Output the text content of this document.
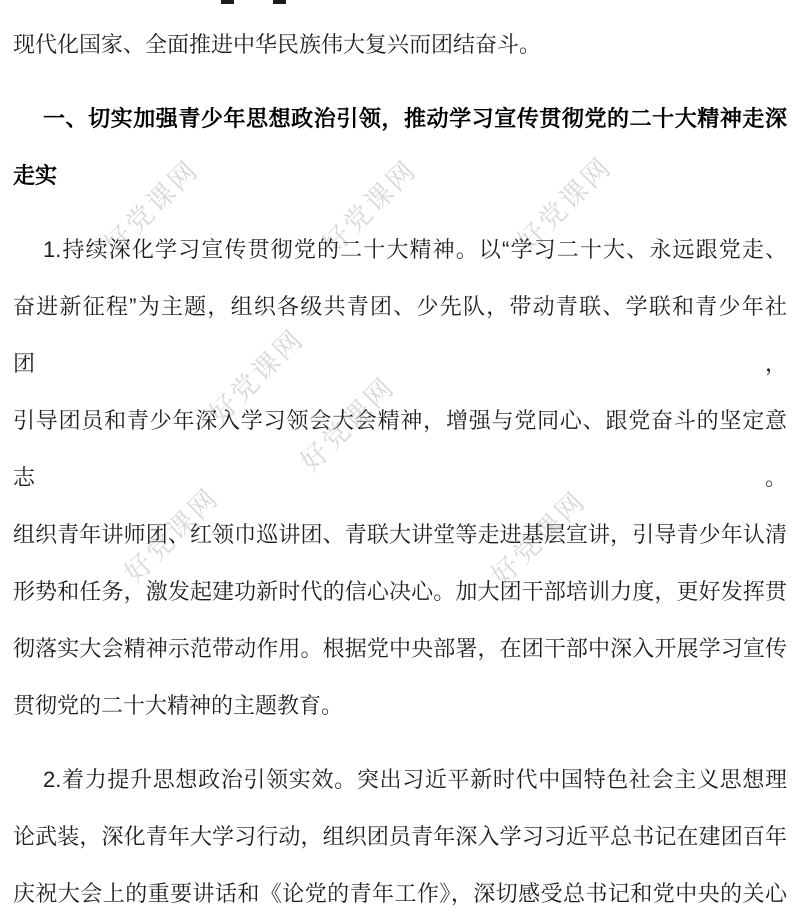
好党课网	好党课网	好党课网
好党课网
好党课网
好党课网	好党课网
现代化国家、全面推进中华民族伟大复兴而团结奋斗。
一、切实加强青少年思想政治引领，推动学习宣传贯彻党的二十大精神走深
走实
1.持续深化学习宣传贯彻党的二十大精神。以“学习二十大、永远跟党走、
奋进新征程”为主题，组织各级共青团、少先队，带动青联、学联和青少年社团，
引导团员和青少年深入学习领会大会精神，增强与党同心、跟党奋斗的坚定意志。
组织青年讲师团、红领巾巡讲团、青联大讲堂等走进基层宣讲，引导青少年认清
形势和任务，激发起建功新时代的信心决心。加大团干部培训力度，更好发挥贯
彻落实大会精神示范带动作用。根据党中央部署，在团干部中深入开展学习宣传
贯彻党的二十大精神的主题教育。
2.着力提升思想政治引领实效。突出习近平新时代中国特色社会主义思想理
论武装，深化青年大学习行动，组织团员青年深入学习习近平总书记在建团百年
庆祝大会上的重要讲话和《论党的青年工作》，深切感受总书记和党中央的关心
